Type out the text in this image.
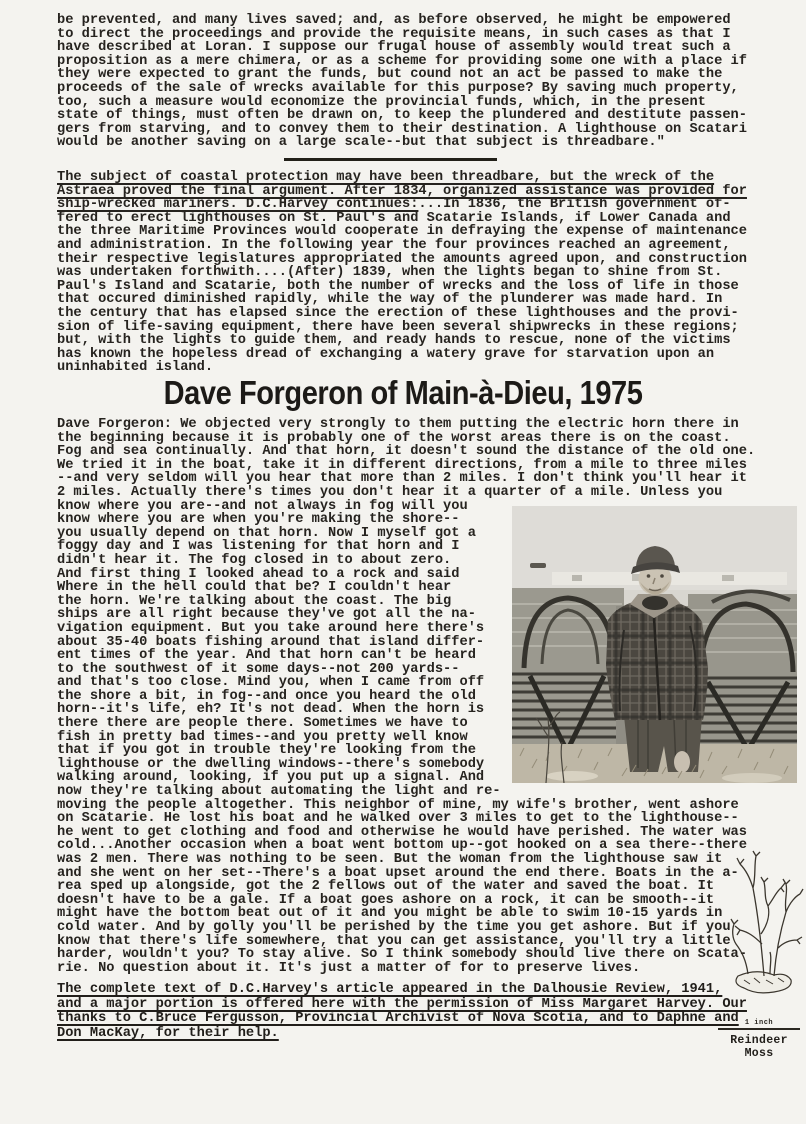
be prevented, and many lives saved; and, as before observed, he might be empowered
to direct the proceedings and provide the requisite means, in such cases as that I
have described at Loran. I suppose our frugal house of assembly would treat such a
proposition as a mere chimera, or as a scheme for providing some one with a place if
they were expected to grant the funds, but cound not an act be passed to make the
proceeds of the sale of wrecks available for this purpose? By saving much property,
too, such a measure would economize the provincial funds, which, in the present
state of things, must often be drawn on, to keep the plundered and destitute passen-
gers from starving, and to convey them to their destination. A lighthouse on Scatari
would be another saving on a large scale--but that subject is threadbare."
The subject of coastal protection may have been threadbare, but the wreck of the
Astraea proved the final argument. After 1834, organized assistance was provided for
ship-wrecked mariners. D.C.Harvey continues:...In 1836, the British government of-
fered to erect lighthouses on St. Paul's and Scatarie Islands, if Lower Canada and
the three Maritime Provinces would cooperate in defraying the expense of maintenance
and administration. In the following year the four provinces reached an agreement,
their respective legislatures appropriated the amounts agreed upon, and construction
was undertaken forthwith....(After) 1839, when the lights began to shine from St.
Paul's Island and Scatarie, both the number of wrecks and the loss of life in those
that occured diminished rapidly, while the way of the plunderer was made hard. In
the century that has elapsed since the erection of these lighthouses and the provi-
sion of life-saving equipment, there have been several shipwrecks in these regions;
but, with the lights to guide them, and ready hands to rescue, none of the victims
has known the hopeless dread of exchanging a watery grave for starvation upon an
uninhabited island.
Dave Forgeron of Main-à-Dieu, 1975
Dave Forgeron: We objected very strongly to them putting the electric horn there in
the beginning because it is probably one of the worst areas there is on the coast.
Fog and sea continually. And that horn, it doesn't sound the distance of the old one.
We tried it in the boat, take it in different directions, from a mile to three miles
--and very seldom will you hear that more than 2 miles. I don't think you'll hear it
2 miles. Actually there's times you don't hear it a quarter of a mile. Unless you
know where you are--and not always in fog will you
know where you are when you're making the shore--
you usually depend on that horn. Now I myself got a
foggy day and I was listening for that horn and I
didn't hear it. The fog closed in to about zero.
And first thing I looked ahead to a rock and said
Where in the hell could that be? I couldn't hear
the horn. We're talking about the coast. The big
ships are all right because they've got all the na-
vigation equipment. But you take around here there's
about 35-40 boats fishing around that island differ-
ent times of the year. And that horn can't be heard
to the southwest of it some days--not 200 yards--
and that's too close. Mind you, when I came from off
the shore a bit, in fog--and once you heard the old
horn--it's life, eh? It's not dead. When the horn is
there there are people there. Sometimes we have to
fish in pretty bad times--and you pretty well know
that if you got in trouble they're looking from the
lighthouse or the dwelling windows--there's somebody
walking around, looking, if you put up a signal. And
now they're talking about automating the light and re-
moving the people altogether. This neighbor of mine, my wife's brother, went ashore
on Scatarie. He lost his boat and he walked over 3 miles to get to the lighthouse--
he went to get clothing and food and otherwise he would have perished. The water was
cold...Another occasion when a boat went bottom up--got hooked on a sea there--there
was 2 men. There was nothing to be seen. But the woman from the lighthouse saw it
and she went on her set--There's a boat upset around the end there. Boats in the a-
rea sped up alongside, got the 2 fellows out of the water and saved the boat. It
doesn't have to be a gale. If a boat goes ashore on a rock, it can be smooth--it
might have the bottom beat out of it and you might be able to swim 10-15 yards in
cold water. And by golly you'll be perished by the time you get ashore. But if you
know that there's life somewhere, that you can get assistance, you'll try a little
harder, wouldn't you? To stay alive. So I think somebody should live there on Scata-
rie. No question about it. It's just a matter of for to preserve lives.
The complete text of D.C.Harvey's article appeared in the Dalhousie Review, 1941,
and a major portion is offered here with the permission of Miss Margaret Harvey. Our
thanks to C.Bruce Fergusson, Provincial Archivist of Nova Scotia, and to Daphne and
Don MacKay, for their help.
1 inch
Reindeer
Moss
